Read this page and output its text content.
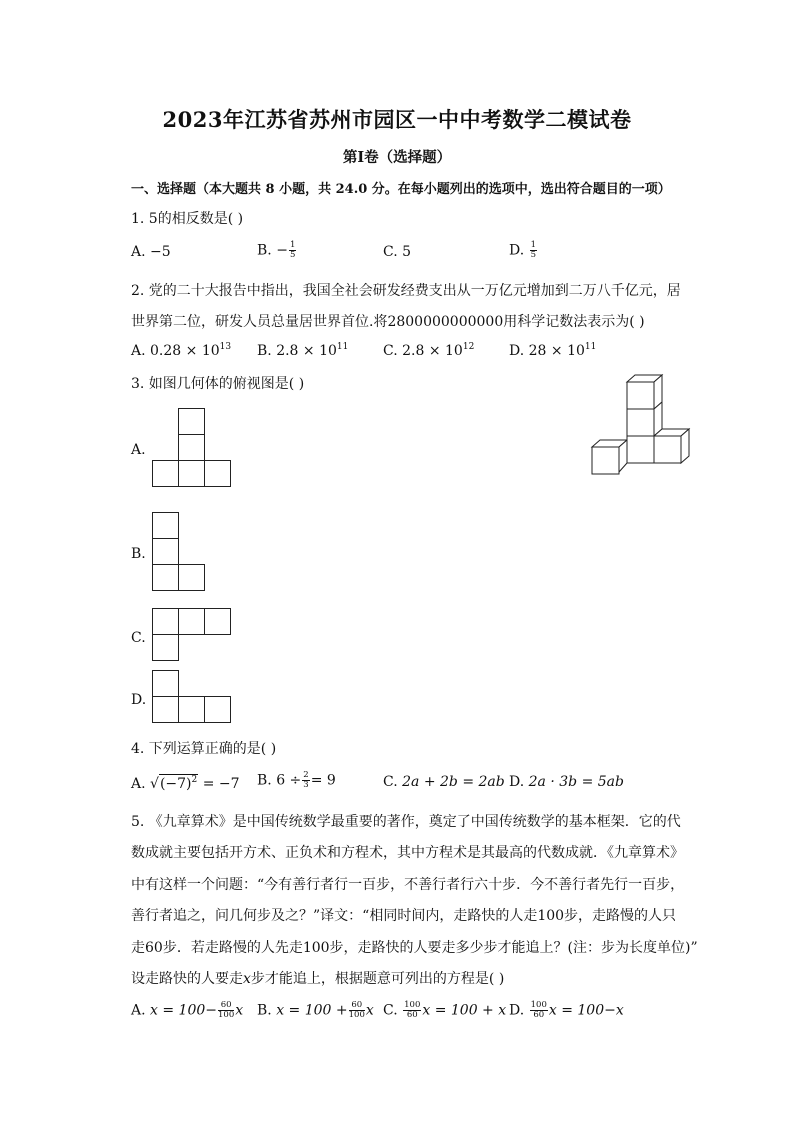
2023年江苏省苏州市园区一中中考数学二模试卷
第Ⅰ卷（选择题）
一、选择题（本大题共 8 小题，共 24.0 分。在每小题列出的选项中，选出符合题目的一项）
1. 5的相反数是( )
A. −5	B. − $\frac{1}{5}$	C. 5	D. $\frac{1}{5}$
2. 党的二十大报告中指出，我国全社会研发经费支出从一万亿元增加到二万八千亿元，居
世界第二位，研发人员总量居世界首位.将2800000000000用科学记数法表示为( )
A. $0.28 \times 10^{13}$ B. $2.8 \times 10^{11}$ C. $2.8 \times 10^{12}$ D. $28 \times 10^{11}$
3. 如图几何体的俯视图是( )
A.
B.
C.
D.
4. 下列运算正确的是( )
A. $√(-7)^2 = -7$ B. $6 \div \frac{2}{3} = 9$	C. 2a + 2b = 2ab D. 2a · 3b = 5ab
5. 《九章算术》是中国传统数学最重要的著作，奠定了中国传统数学的基本框架．它的代
数成就主要包括开方术、正负术和方程术，其中方程术是其最高的代数成就．《九章算术》
中有这样一个问题：“今有善行者行一百步，不善行者行六十步．今不善行者先行一百步，
善行者追之，问几何步及之？”译文：“相同时间内，走路快的人走100步，走路慢的人只
走60步．若走路慢的人先走100步，走路快的人要走多少步才能追上？(注：步为长度单位)”
设走路快的人要走x步才能追上，根据题意可列出的方程是( )
A. $x = 100- \frac{60}{100}$ x B. $x = 100 + \frac{60}{100}$ x C. $\frac{100}{60}$ x = 100 + x D. $\frac{100}{60}$ x = 100−x
